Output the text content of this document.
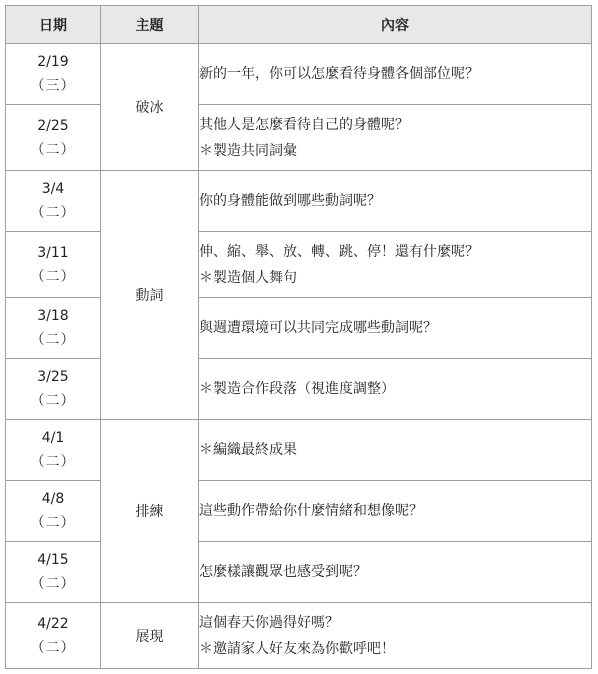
日期	主題	內容

2/19
（三）	破冰	新的一年，你可以怎麼看待身體各個部位呢？

2/25
（二）		其他人是怎麼看待自己的身體呢？
＊製造共同詞彙

3/4
（二）	動詞	你的身體能做到哪些動詞呢？

3/11
（二）		伸、縮、舉、放、轉、跳、停！還有什麼呢？
＊製造個人舞句

3/18
（二）		與週遭環境可以共同完成哪些動詞呢？

3/25
（二）		＊製造合作段落（視進度調整）

4/1
（二）	排練	＊編織最終成果

4/8
（二）		這些動作帶給你什麼情緒和想像呢？

4/15
（二）		怎麼樣讓觀眾也感受到呢？

4/22
（二）	展現	這個春天你過得好嗎？
＊邀請家人好友來為你歡呼吧！
